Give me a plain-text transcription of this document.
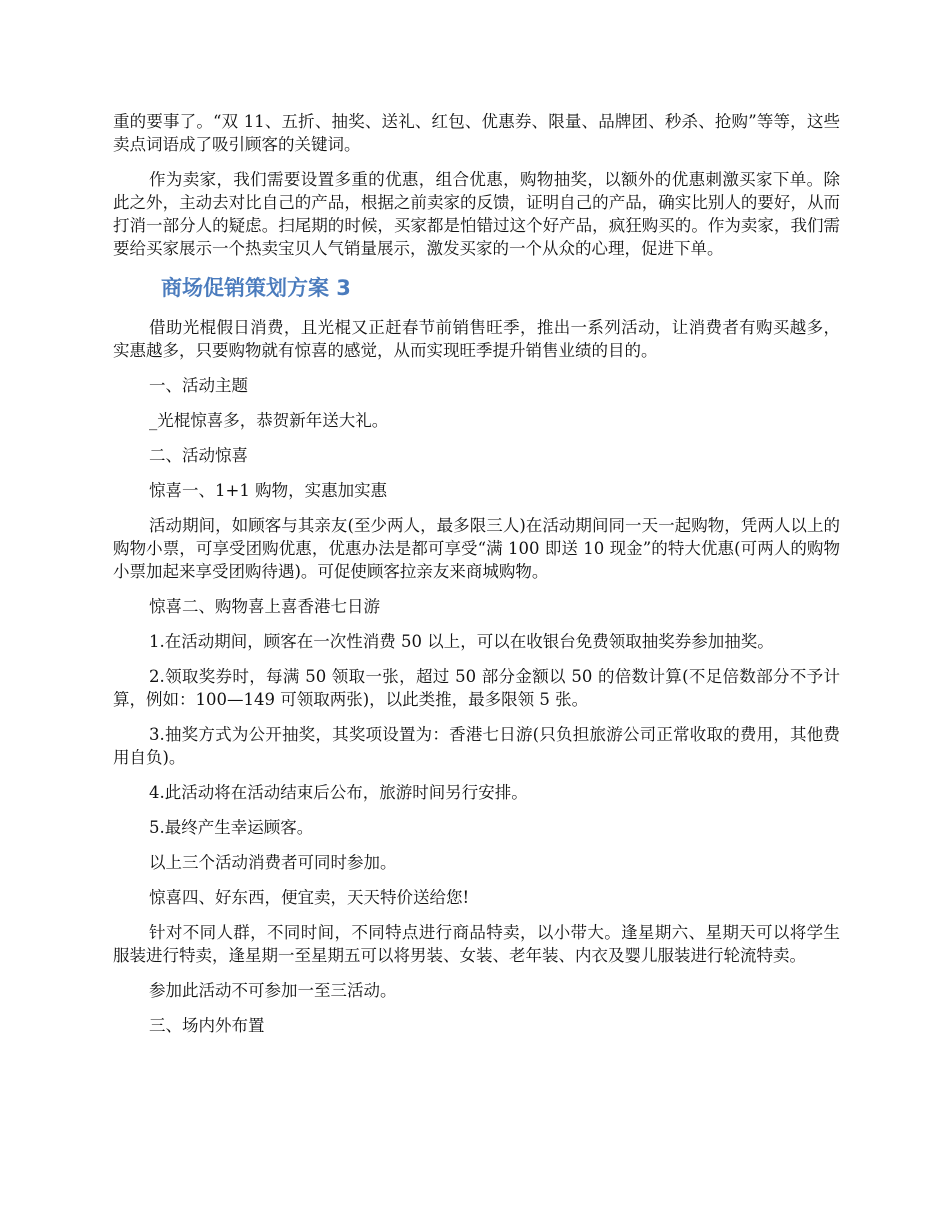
重的要事了。“双 11、五折、抽奖、送礼、红包、优惠券、限量、品牌团、秒杀、抢购”等等，这些卖点词语成了吸引顾客的关键词。

作为卖家，我们需要设置多重的优惠，组合优惠，购物抽奖，以额外的优惠刺激买家下单。除此之外，主动去对比自己的产品，根据之前卖家的反馈，证明自己的产品，确实比别人的要好，从而打消一部分人的疑虑。扫尾期的时候，买家都是怕错过这个好产品，疯狂购买的。作为卖家，我们需要给买家展示一个热卖宝贝人气销量展示，激发买家的一个从众的心理，促进下单。

商场促销策划方案 3

借助光棍假日消费，且光棍又正赶春节前销售旺季，推出一系列活动，让消费者有购买越多，实惠越多，只要购物就有惊喜的感觉，从而实现旺季提升销售业绩的目的。

一、活动主题

_光棍惊喜多，恭贺新年送大礼。

二、活动惊喜

惊喜一、1+1 购物，实惠加实惠

活动期间，如顾客与其亲友(至少两人，最多限三人)在活动期间同一天一起购物，凭两人以上的购物小票，可享受团购优惠，优惠办法是都可享受“满 100 即送 10 现金”的特大优惠(可两人的购物小票加起来享受团购待遇)。可促使顾客拉亲友来商城购物。

惊喜二、购物喜上喜香港七日游

1.在活动期间，顾客在一次性消费 50 以上，可以在收银台免费领取抽奖券参加抽奖。

2.领取奖券时，每满 50 领取一张，超过 50 部分金额以 50 的倍数计算(不足倍数部分不予计算，例如：100—149 可领取两张)，以此类推，最多限领 5 张。

3.抽奖方式为公开抽奖，其奖项设置为：香港七日游(只负担旅游公司正常收取的费用，其他费用自负)。

4.此活动将在活动结束后公布，旅游时间另行安排。

5.最终产生幸运顾客。

以上三个活动消费者可同时参加。

惊喜四、好东西，便宜卖，天天特价送给您!

针对不同人群，不同时间，不同特点进行商品特卖，以小带大。逢星期六、星期天可以将学生服装进行特卖，逢星期一至星期五可以将男装、女装、老年装、内衣及婴儿服装进行轮流特卖。

参加此活动不可参加一至三活动。

三、场内外布置
